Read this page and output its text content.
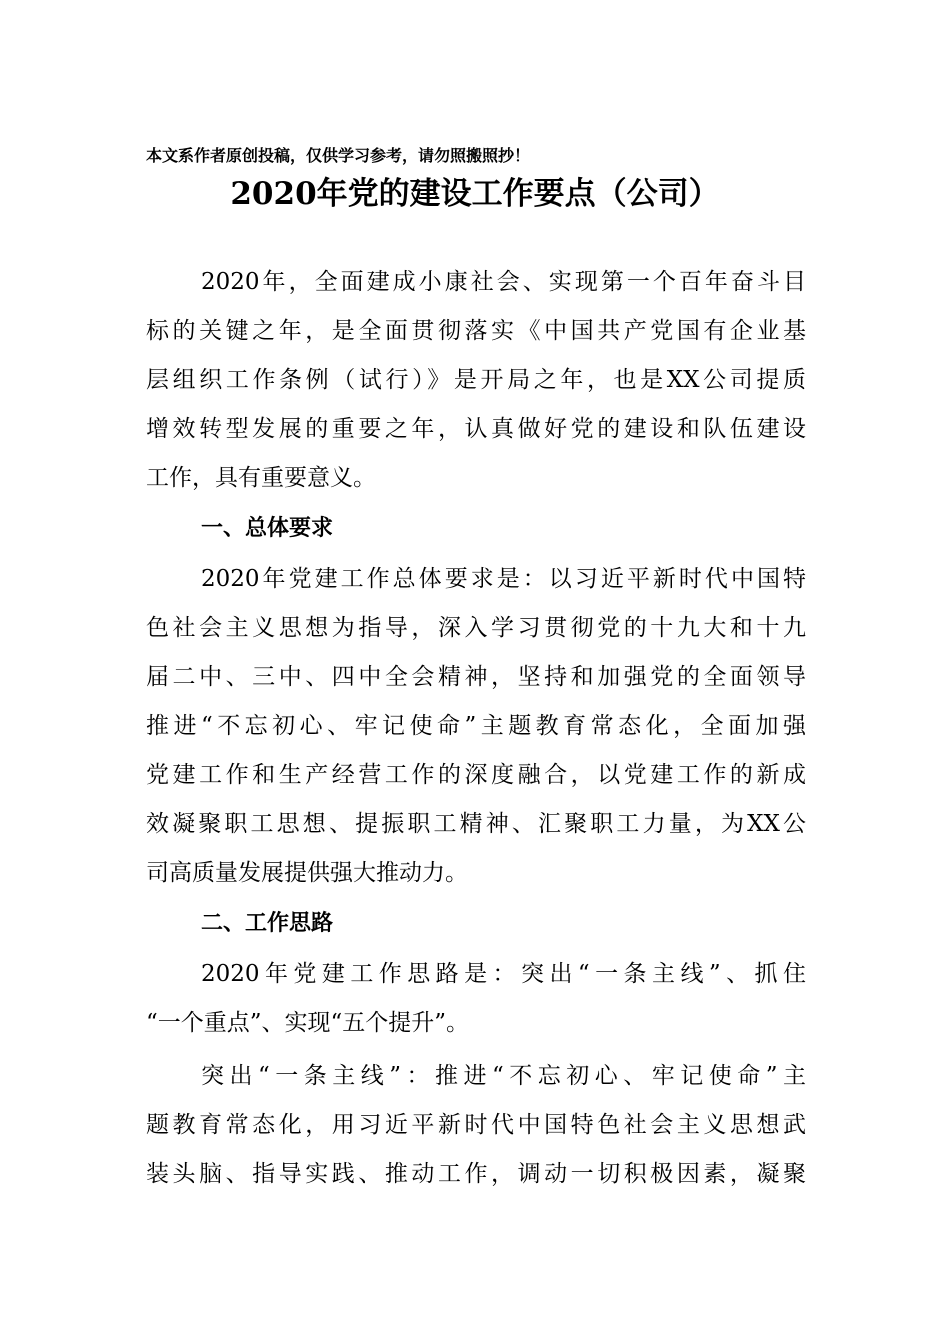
本文系作者原创投稿，仅供学习参考，请勿照搬照抄！
2020年党的建设工作要点（公司）
2020年，全面建成小康社会、实现第一个百年奋斗目
标的关键之年，是全面贯彻落实《中国共产党国有企业基
层组织工作条例（试行）》是开局之年，也是XX公司提质
增效转型发展的重要之年，认真做好党的建设和队伍建设
工作，具有重要意义。
一、总体要求
2020年党建工作总体要求是：以习近平新时代中国特
色社会主义思想为指导，深入学习贯彻党的十九大和十九
届二中、三中、四中全会精神，坚持和加强党的全面领导
推进“不忘初心、牢记使命”主题教育常态化，全面加强
党建工作和生产经营工作的深度融合，以党建工作的新成
效凝聚职工思想、提振职工精神、汇聚职工力量，为XX公
司高质量发展提供强大推动力。
二、工作思路
2020年党建工作思路是：突出“一条主线”、抓住
“一个重点”、实现“五个提升”。
突出“一条主线”：推进“不忘初心、牢记使命”主
题教育常态化，用习近平新时代中国特色社会主义思想武
装头脑、指导实践、推动工作，调动一切积极因素，凝聚
